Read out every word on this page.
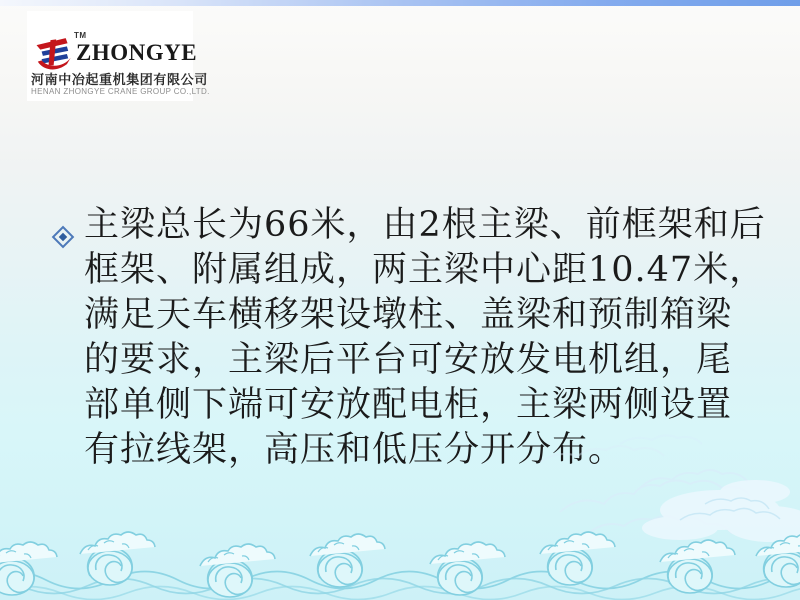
TM
ZHONGYE
河南中冶起重机集团有限公司
HENAN ZHONGYE CRANE GROUP CO.,LTD.
主梁总长为66米，由2根主梁、前框架和后
框架、附属组成，两主梁中心距10.47米，
满足天车横移架设墩柱、盖梁和预制箱梁
的要求，主梁后平台可安放发电机组，尾
部单侧下端可安放配电柜，主梁两侧设置
有拉线架，高压和低压分开分布。
